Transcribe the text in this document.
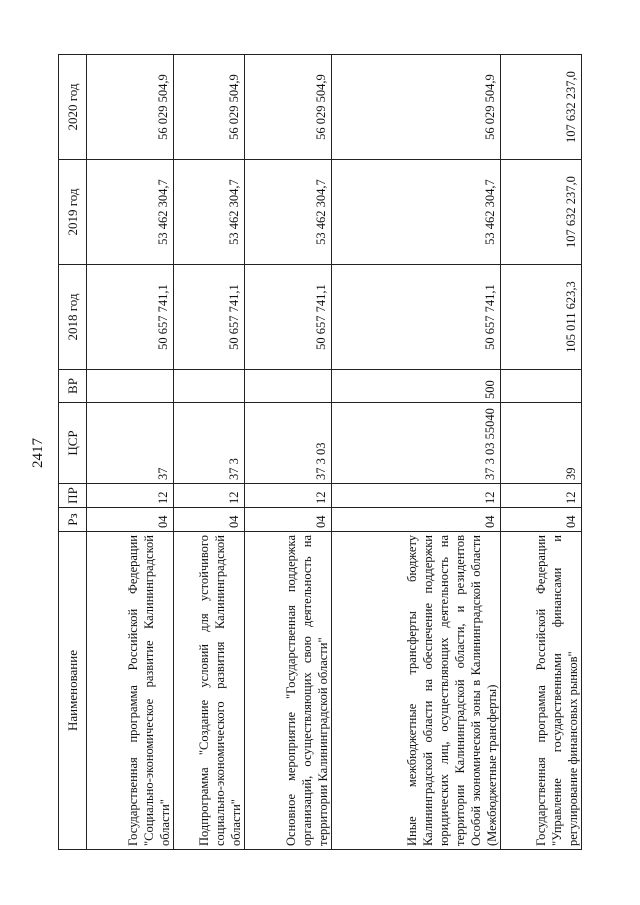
2417
Наименование	Рз	ПР	ЦСР	ВР	2018 год	2019 год	2020 год
Государственная программа Российской Федерации "Социально-экономическое развитие Калининградской области"	04	12	37		50 657 741,1	53 462 304,7	56 029 504,9
Подпрограмма "Создание условий для устойчивого социально-экономического развития Калининградской области"	04	12	37 3		50 657 741,1	53 462 304,7	56 029 504,9
Основное мероприятие "Государственная поддержка организаций, осуществляющих свою деятельность на территории Калининградской области"	04	12	37 3 03		50 657 741,1	53 462 304,7	56 029 504,9
Иные межбюджетные трансферты бюджету Калининградской области на обеспечение поддержки юридических лиц, осуществляющих деятельность на территории Калининградской области, и резидентов Особой экономической зоны в Калининградской области (Межбюджетные трансферты)	04	12	37 3 03 55040	500	50 657 741,1	53 462 304,7	56 029 504,9
Государственная программа Российской Федерации "Управление государственными финансами и регулирование финансовых рынков"	04	12	39		105 011 623,3	107 632 237,0	107 632 237,0
